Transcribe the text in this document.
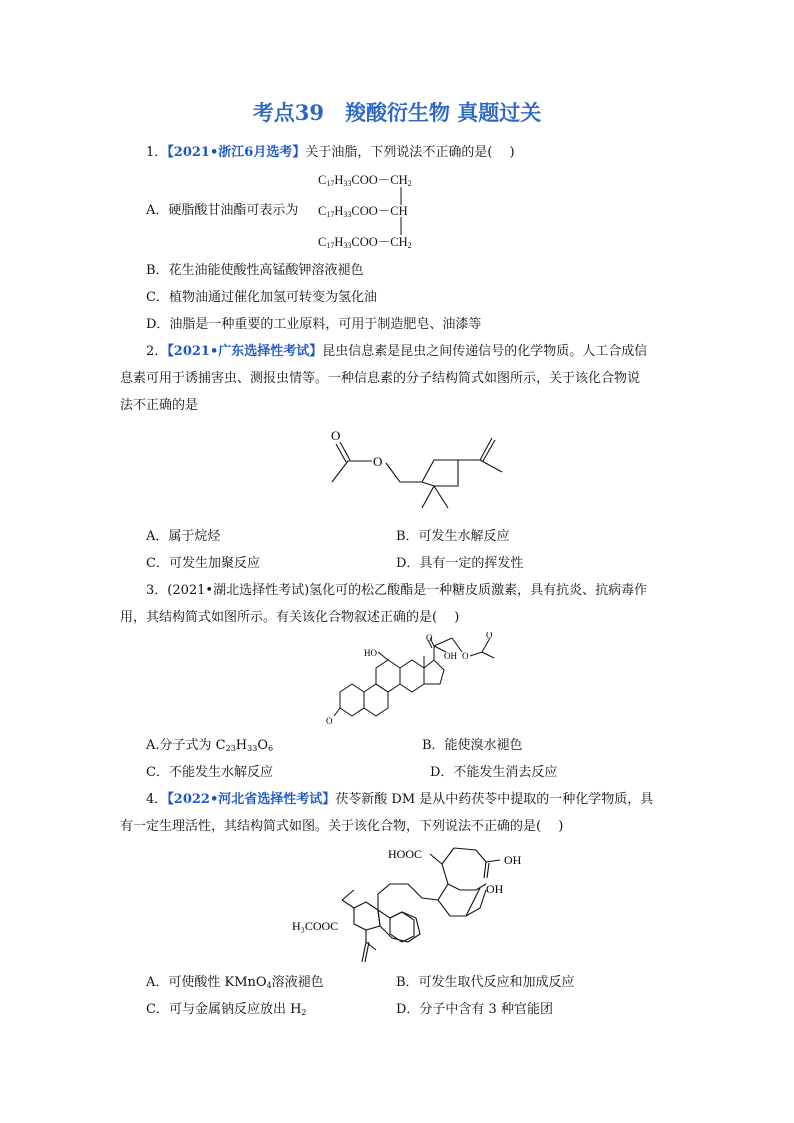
考点39　羧酸衍生物 真题过关
1．【2021•浙江6月选考】关于油脂，下列说法不正确的是(　 )
$C_{17}H_{33}COO-CH_2$
A．硬脂酸甘油酯可表示为	$C_{17}H_{33}COO-CH$
$C_{17}H_{33}COO-CH_2$
B．花生油能使酸性高锰酸钾溶液褪色
C．植物油通过催化加氢可转变为氢化油
D．油脂是一种重要的工业原料，可用于制造肥皂、油漆等
2．【2021•广东选择性考试】昆虫信息素是昆虫之间传递信号的化学物质。人工合成信
息素可用于诱捕害虫、测报虫情等。一种信息素的分子结构简式如图所示，关于该化合物说
法不正确的是
O
O
A．属于烷烃	B．可发生水解反应
C．可发生加聚反应	D．具有一定的挥发性
3．(2021•湖北选择性考试)氢化可的松乙酸酯是一种糖皮质激素，具有抗炎、抗病毒作
用，其结构简式如图所示。有关该化合物叙述正确的是(　 )
O
HO
O
OH O
O
A.分子式为 $C_{23}H_{33}O_6$	B．能使溴水褪色
C．不能发生水解反应	D．不能发生消去反应
4．【2022•河北省选择性考试】茯苓新酸 DM 是从中药茯苓中提取的一种化学物质，具
有一定生理活性，其结构简式如图。关于该化合物，下列说法不正确的是(　 )
HOOC	OH
OH
H₃COOC
A．可使酸性 KMnO$_4$溶液褪色	B．可发生取代反应和加成反应
C．可与金属钠反应放出 $H_2$	D．分子中含有 3 种官能团
